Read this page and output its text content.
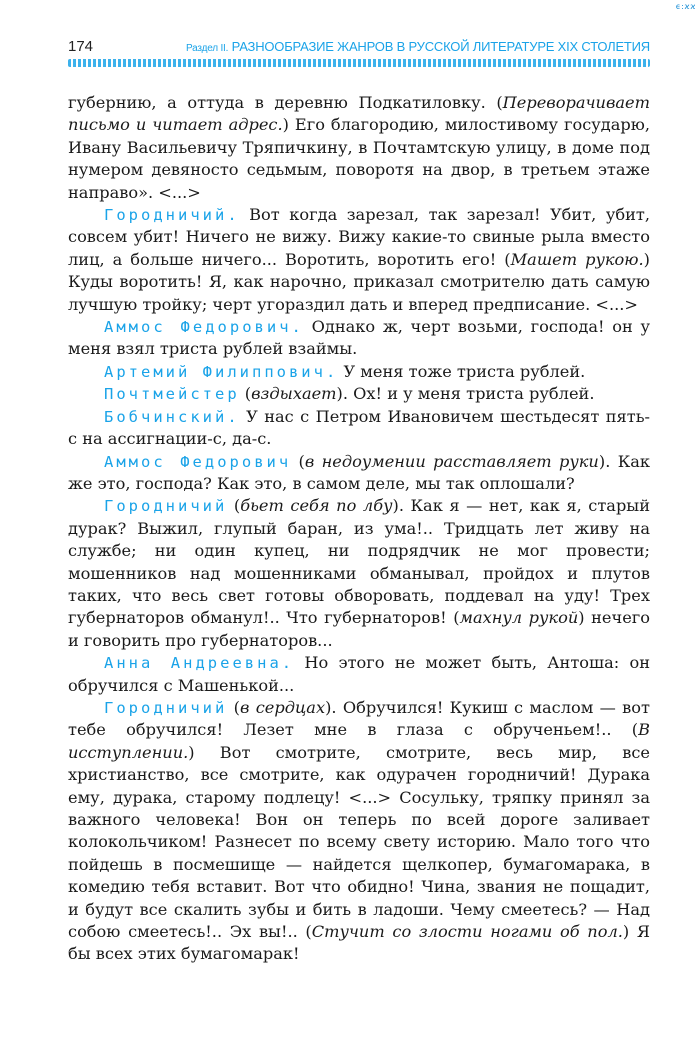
ϵ:ϰϰ
174	Раздел II. РАЗНООБРАЗИЕ ЖАНРОВ В РУССКОЙ ЛИТЕРАТУРЕ XIX СТОЛЕТИЯ

губернию, а оттуда в деревню Подкатиловку. (Переворачивает письмо и читает адрес.) Его благородию, милостивому государю, Ивану Васильевичу Тряпичкину, в Почтамтскую улицу, в доме под нумером девяносто седьмым, поворотя на двор, в третьем этаже направо». <...>

Городничий. Вот когда зарезал, так зарезал! Убит, убит, совсем убит! Ничего не вижу. Вижу какие-то свиные рыла вместо лиц, а больше ничего... Воротить, воротить его! (Машет рукою.) Куды воротить! Я, как нарочно, приказал смотрителю дать самую лучшую тройку; черт угораздил дать и вперед предписание. <...>

Аммос Федорович. Однако ж, черт возьми, господа! он у меня взял триста рублей взаймы.

Артемий Филиппович. У меня тоже триста рублей.

Почтмейстер (вздыхает). Ох! и у меня триста рублей.

Бобчинский. У нас с Петром Ивановичем шестьдесят пять-с на ассигнации-с, да-с.

Аммос Федорович (в недоумении расставляет руки). Как же это, господа? Как это, в самом деле, мы так оплошали?

Городничий (бьет себя по лбу). Как я — нет, как я, старый дурак? Выжил, глупый баран, из ума!.. Тридцать лет живу на службе; ни один купец, ни подрядчик не мог провести; мошенников над мошенниками обманывал, пройдох и плутов таких, что весь свет готовы обворовать, поддевал на уду! Трех губернаторов обманул!.. Что губернаторов! (махнул рукой) нечего и говорить про губернаторов...

Анна Андреевна. Но этого не может быть, Антоша: он обручился с Машенькой...

Городничий (в сердцах). Обручился! Кукиш с маслом — вот тебе обручился! Лезет мне в глаза с обрученьем!.. (В исступлении.) Вот смотрите, смотрите, весь мир, все христианство, все смотрите, как одурачен городничий! Дурака ему, дурака, старому подлецу! <...> Сосульку, тряпку принял за важного человека! Вон он теперь по всей дороге заливает колокольчиком! Разнесет по всему свету историю. Мало того что пойдешь в посмешище — найдется щелкопер, бумагомарака, в комедию тебя вставит. Вот что обидно! Чина, звания не пощадит, и будут все скалить зубы и бить в ладоши. Чему смеетесь? — Над собою смеетесь!.. Эх вы!.. (Стучит со злости ногами об пол.) Я бы всех этих бумагомарак!
